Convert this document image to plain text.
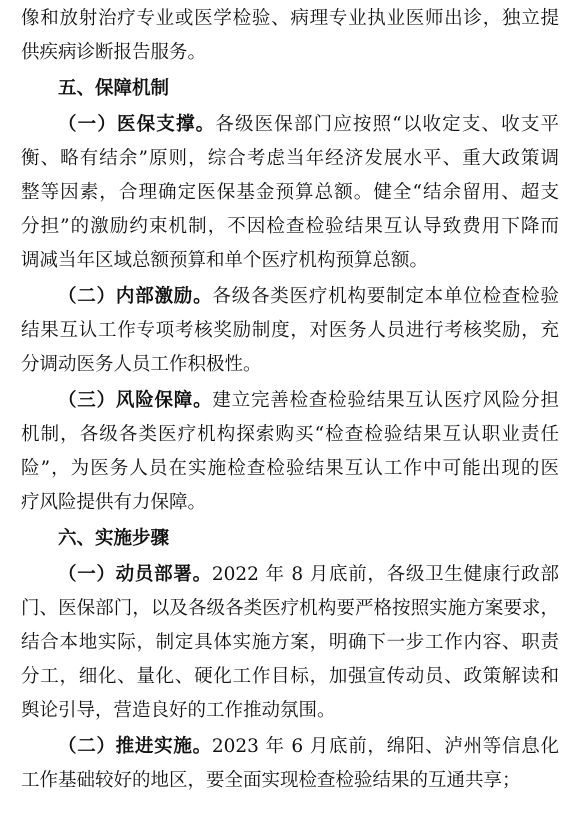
像和放射治疗专业或医学检验、病理专业执业医师出诊，独立提
供疾病诊断报告服务。
五、保障机制
（一）医保支撑。各级医保部门应按照“以收定支、收支平
衡、略有结余”原则，综合考虑当年经济发展水平、重大政策调
整等因素，合理确定医保基金预算总额。健全“结余留用、超支
分担”的激励约束机制，不因检查检验结果互认导致费用下降而
调减当年区域总额预算和单个医疗机构预算总额。
（二）内部激励。各级各类医疗机构要制定本单位检查检验
结果互认工作专项考核奖励制度，对医务人员进行考核奖励，充
分调动医务人员工作积极性。
（三）风险保障。建立完善检查检验结果互认医疗风险分担
机制，各级各类医疗机构探索购买“检查检验结果互认职业责任
险”，为医务人员在实施检查检验结果互认工作中可能出现的医
疗风险提供有力保障。
六、实施步骤
（一）动员部署。2022 年 8 月底前，各级卫生健康行政部
门、医保部门，以及各级各类医疗机构要严格按照实施方案要求，
结合本地实际，制定具体实施方案，明确下一步工作内容、职责
分工，细化、量化、硬化工作目标，加强宣传动员、政策解读和
舆论引导，营造良好的工作推动氛围。
（二）推进实施。2023 年 6 月底前，绵阳、泸州等信息化
工作基础较好的地区，要全面实现检查检验结果的互通共享；
